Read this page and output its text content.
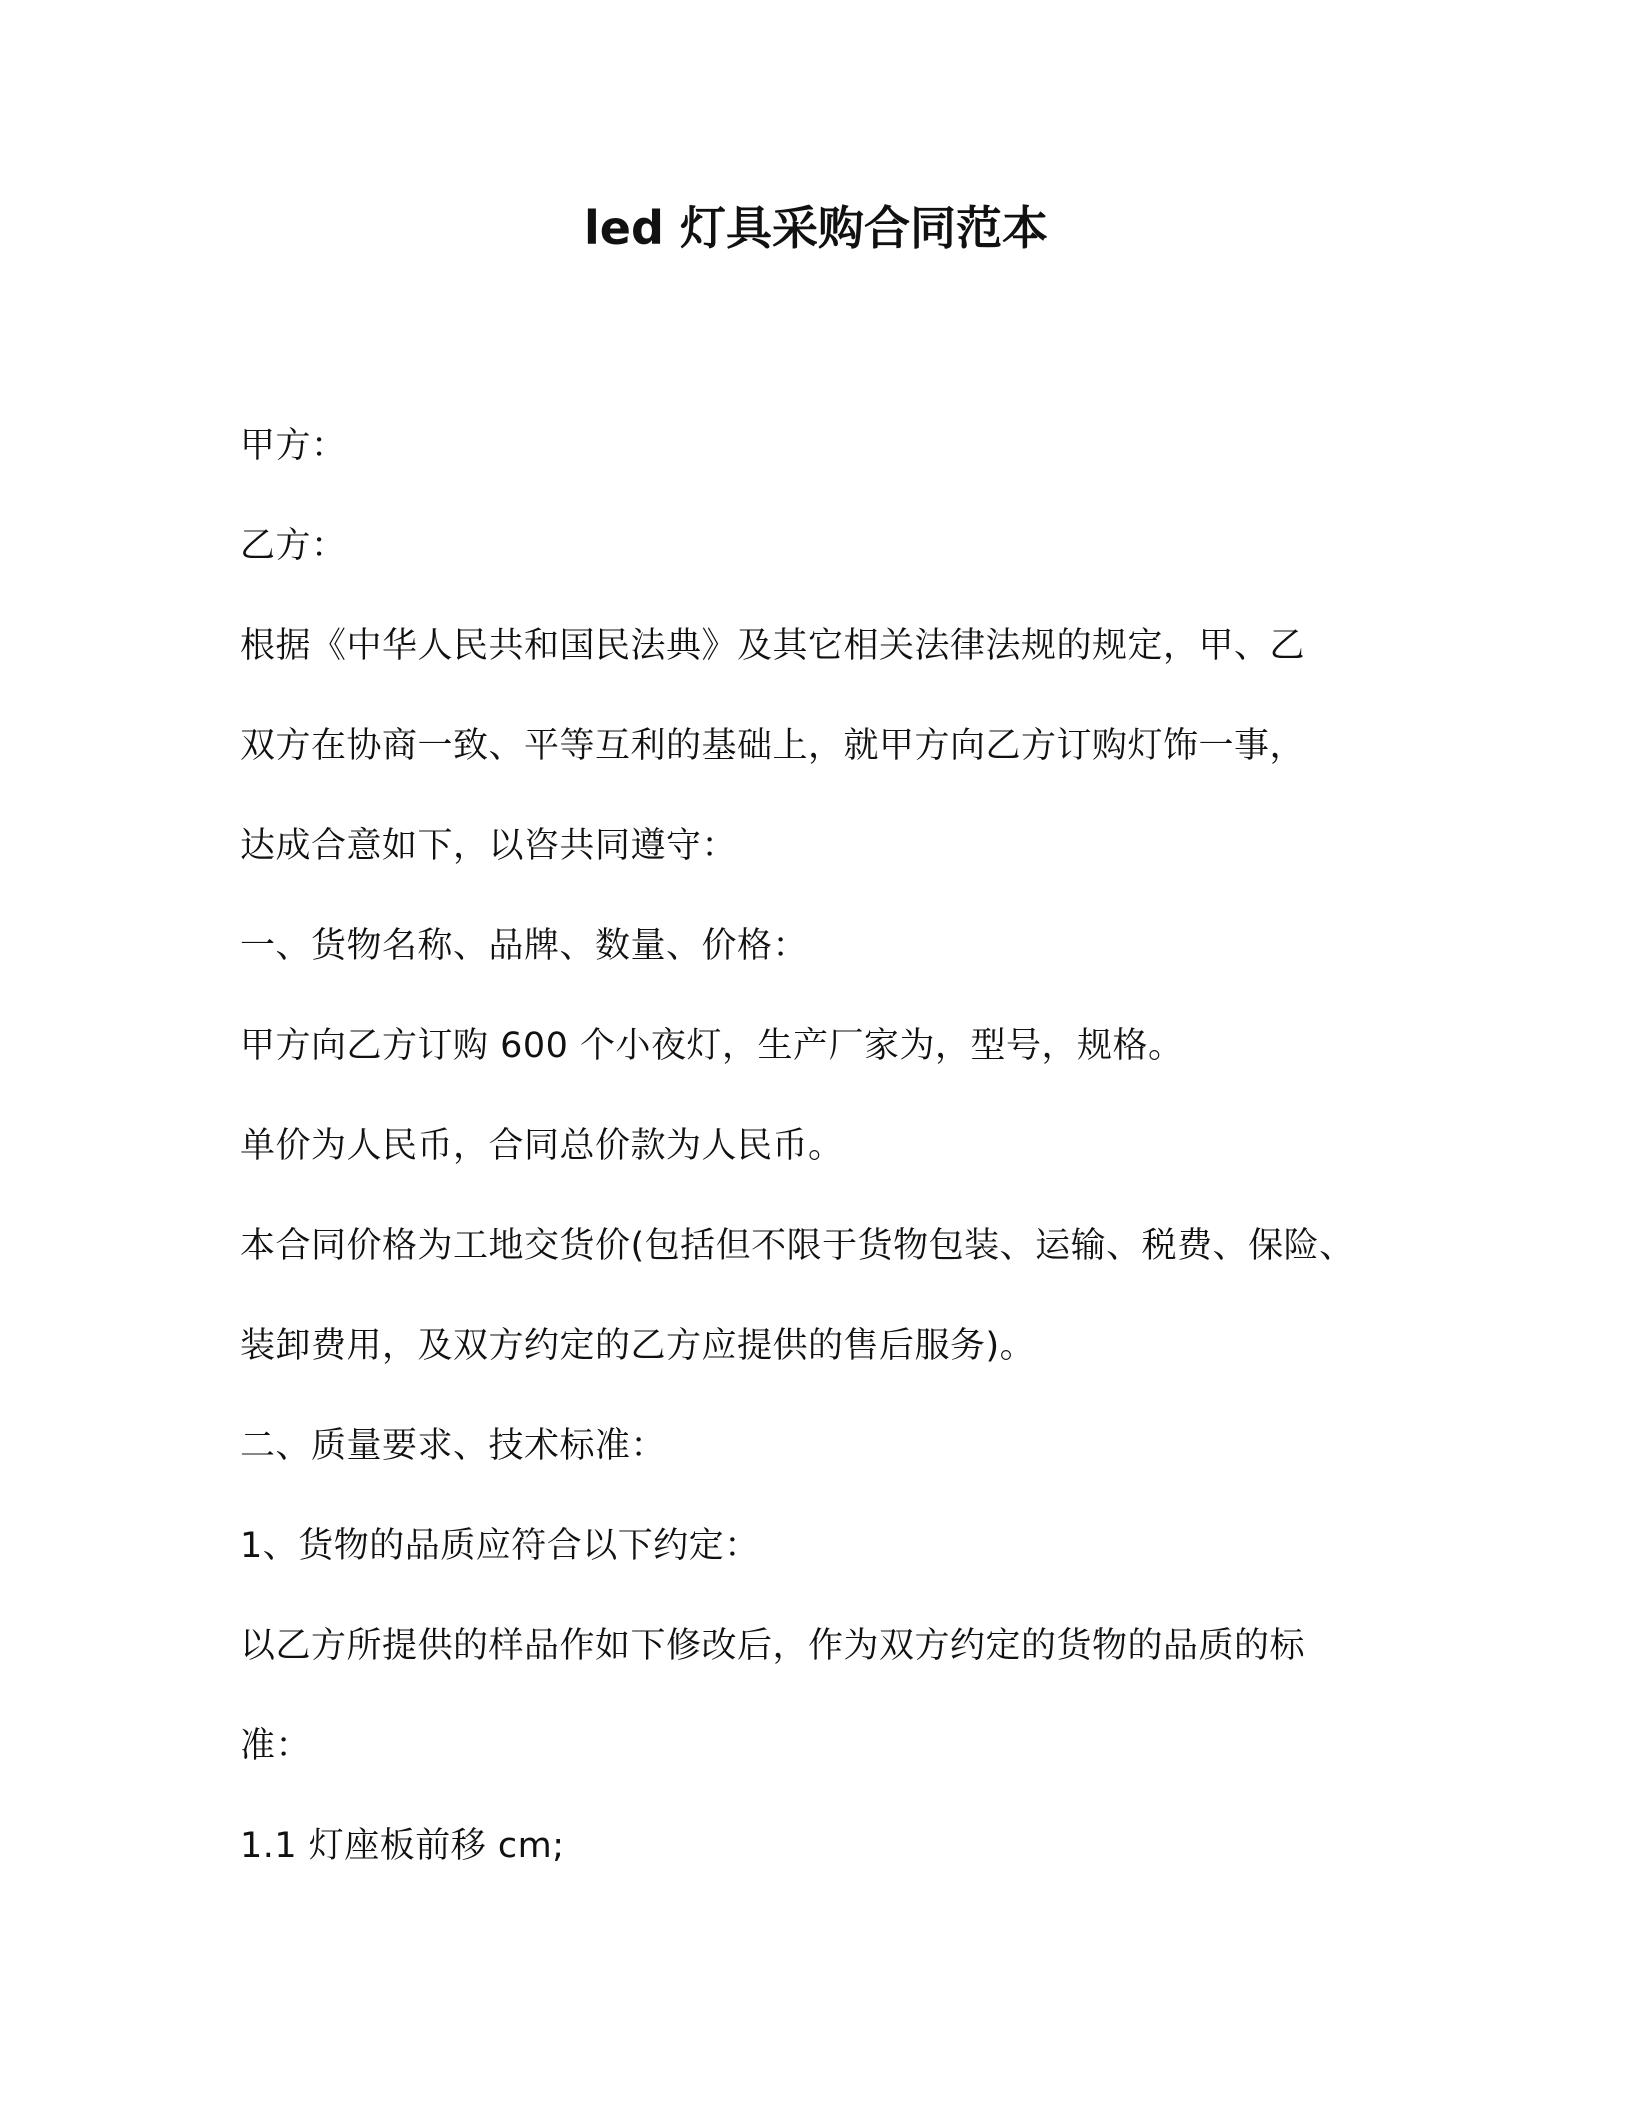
led 灯具采购合同范本
甲方：
乙方：
根据《中华人民共和国民法典》及其它相关法律法规的规定，甲、乙
双方在协商一致、平等互利的基础上，就甲方向乙方订购灯饰一事，
达成合意如下，以咨共同遵守：
一、货物名称、品牌、数量、价格：
甲方向乙方订购 600 个小夜灯，生产厂家为，型号，规格。
单价为人民币，合同总价款为人民币。
本合同价格为工地交货价(包括但不限于货物包装、运输、税费、保险、
装卸费用，及双方约定的乙方应提供的售后服务)。
二、质量要求、技术标准：
1、货物的品质应符合以下约定：
以乙方所提供的样品作如下修改后，作为双方约定的货物的品质的标
准：
1.1 灯座板前移 cm;
